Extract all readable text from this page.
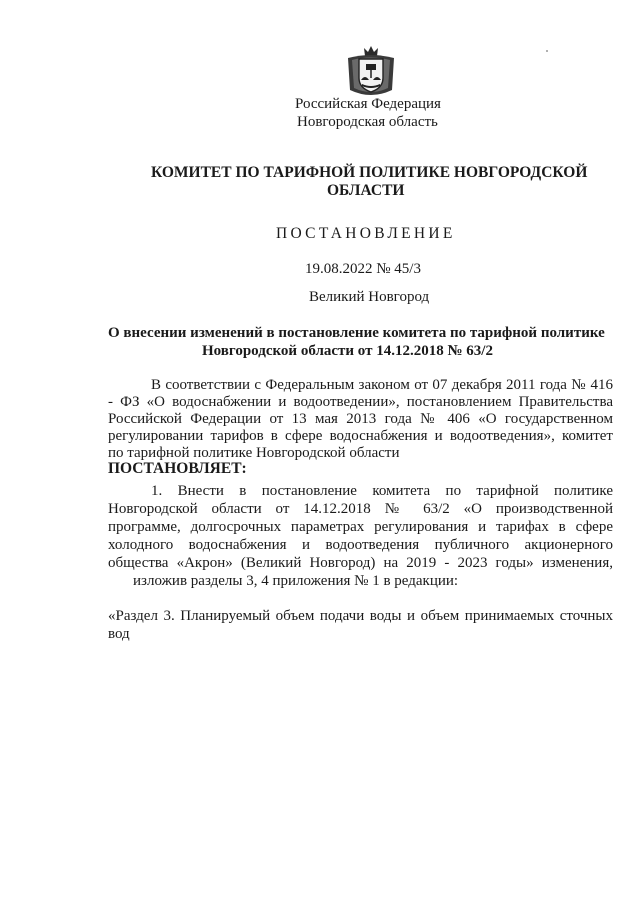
Российская Федерация
Новгородская область
КОМИТЕТ ПО ТАРИФНОЙ ПОЛИТИКЕ НОВГОРОДСКОЙ
ОБЛАСТИ
ПОСТАНОВЛЕНИЕ
19.08.2022 № 45/3
Великий Новгород
О внесении изменений в постановление комитета по тарифной политике
Новгородской области от 14.12.2018 № 63/2
В соответствии с Федеральным законом от 07 декабря 2011 года № 416
- ФЗ «О водоснабжении и водоотведении», постановлением Правительства
Российской Федерации от 13 мая 2013 года № 406 «О государственном
регулировании тарифов в сфере водоснабжения и водоотведения», комитет
по тарифной политике Новгородской области
ПОСТАНОВЛЯЕТ:
1. Внести в постановление комитета по тарифной политике
Новгородской области от 14.12.2018 № 63/2 «О производственной
программе, долгосрочных параметрах регулирования и тарифах в сфере
холодного водоснабжения и водоотведения публичного акционерного
общества «Акрон» (Великий Новгород) на 2019 - 2023 годы» изменения,
изложив разделы 3, 4 приложения № 1 в редакции:
«Раздел 3. Планируемый объем подачи воды и объем принимаемых сточных
вод
